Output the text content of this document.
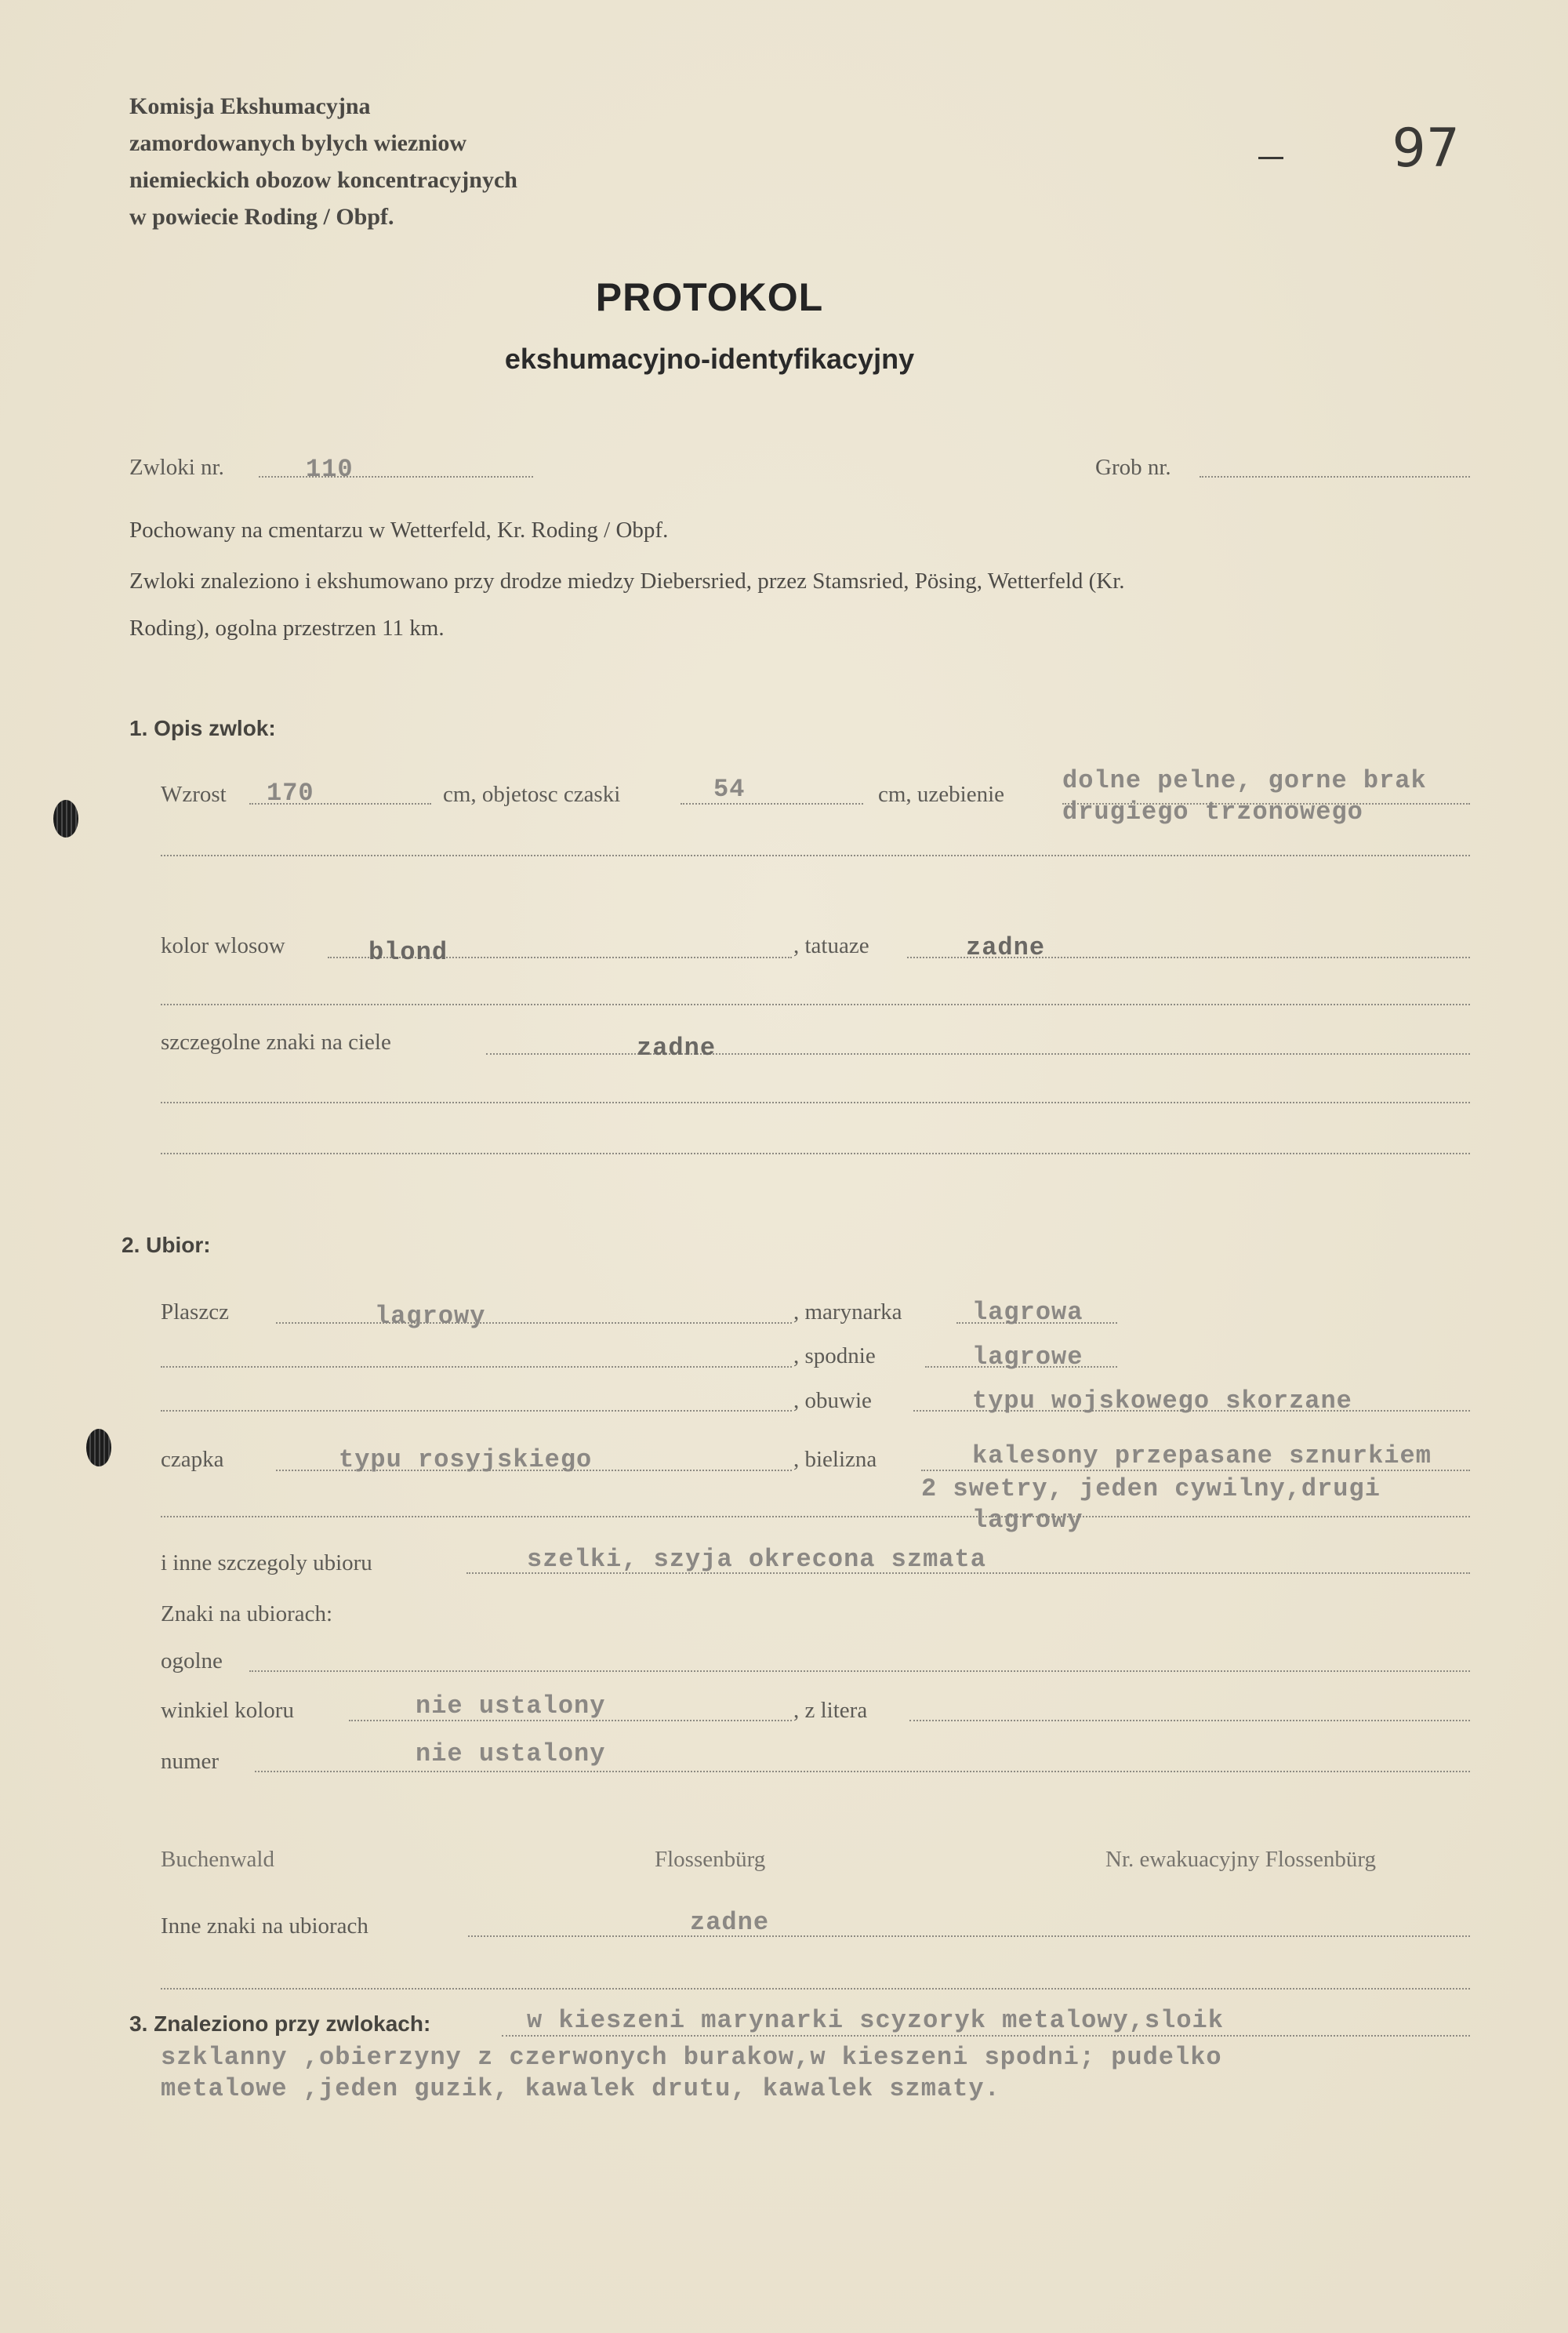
Komisja Ekshumacyjna
zamordowanych bylych wiezniow
niemieckich obozow koncentracyjnych
w powiecie Roding / Obpf.
97
PROTOKOL
ekshumacyjno-identyfikacyjny
Zwloki nr.	110	Grob nr.
Pochowany na cmentarzu w Wetterfeld, Kr. Roding / Obpf.
Zwloki znaleziono i ekshumowano przy drodze miedzy Diebersried, przez Stamsried, Pösing, Wetterfeld (Kr.
Roding), ogolna przestrzen 11 km.
1. Opis zwlok:
Wzrost 170	cm, objetosc czaski	54	cm, uzebienie dolne pelne, gorne brak
drugiego trzonowego
kolor wlosow	blond	, tatuaze	zadne
szczegolne znaki na ciele	zadne
2. Ubior:
Plaszcz	lagrowy	, marynarka	lagrowa
, spodnie	lagrowe
, obuwie	typu wojskowego skorzane
czapka	typu rosyjskiego	, bielizna	kalesony przepasane sznurkiem
2 swetry, jeden cywilny,drugi
lagrowy
i inne szczegoly ubioru	szelki, szyja okrecona szmata
Znaki na ubiorach:
ogolne
winkiel koloru	nie ustalony	, z litera
numer	nie ustalony
Buchenwald	Flossenbürg	Nr. ewakuacyjny Flossenbürg
Inne znaki na ubiorach	zadne
3. Znaleziono przy zwlokach:	w kieszeni marynarki scyzoryk metalowy,sloik
szklanny ,obierzyny z czerwonych burakow,w kieszeni spodni; pudelko
metalowe ,jeden guzik, kawalek drutu, kawalek szmaty.
